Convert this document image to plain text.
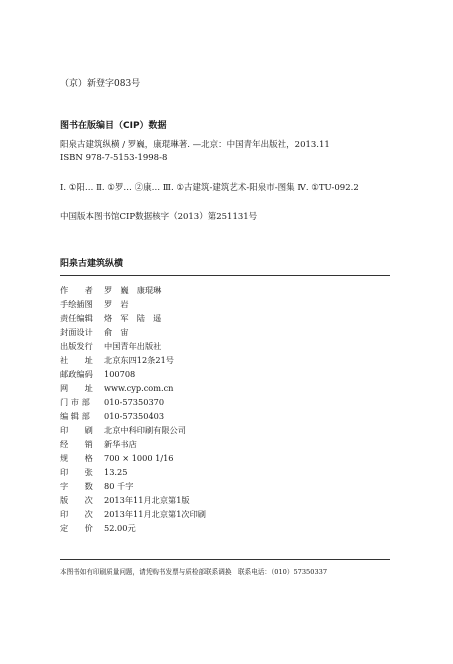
（京）新登字083号
图书在版编目（CIP）数据
阳泉古建筑纵横 / 罗巍，康琨琳著. —北京：中国青年出版社，2013.11
ISBN 978-7-5153-1998-8
Ⅰ. ①阳… Ⅱ. ①罗… ②康… Ⅲ. ①古建筑-建筑艺术-阳泉市-图集 Ⅳ. ①TU-092.2
中国版本图书馆CIP数据核字（2013）第251131号
阳泉古建筑纵横
作　　者 罗　巍　康琨琳
手绘插图 罗　岩
责任编辑 烙　军　陆　遥
封面设计 俞　宙
出版发行 中国青年出版社
社　　址 北京东四12条21号
邮政编码 100708
网　　址 www.cyp.com.cn
门 市 部 010-57350370
编 辑 部 010-57350403
印　　刷 北京中科印刷有限公司
经　　销 新华书店
规　　格 700 × 1000 1/16
印　　张 13.25
字　　数 80 千字
版　　次 2013年11月北京第1版
印　　次 2013年11月北京第1次印刷
定　　价 52.00元
本图书如有印刷质量问题，请凭购书发票与质检部联系调换　联系电话：（010）57350337
